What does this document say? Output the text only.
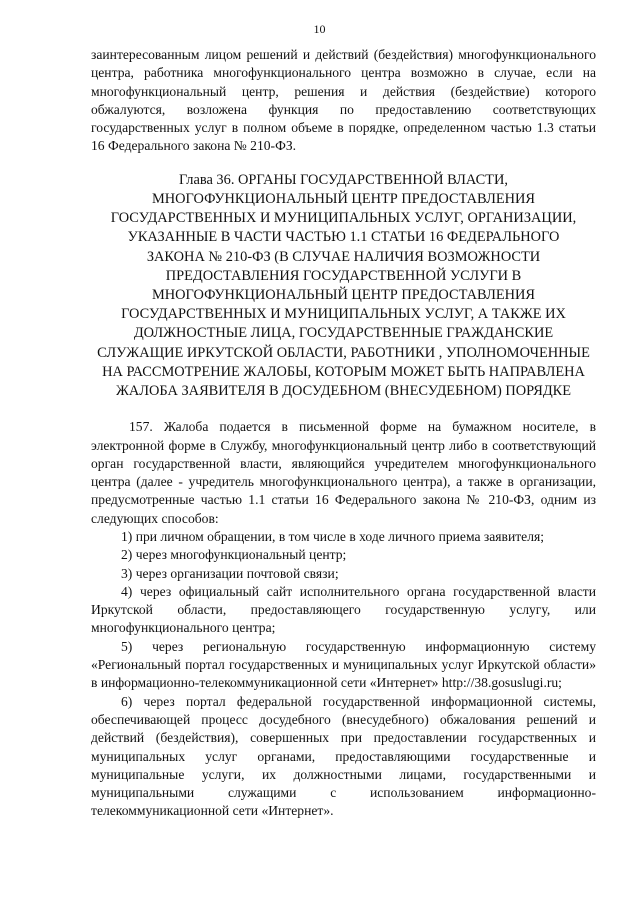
10

заинтересованным лицом решений и действий (бездействия) многофункционального центра, работника многофункционального центра возможно в случае, если на многофункциональный центр, решения и действия (бездействие) которого обжалуются, возложена функция по предоставлению соответствующих государственных услуг в полном объеме в порядке, определенном частью 1.3 статьи 16 Федерального закона № 210-ФЗ.

Глава 36. ОРГАНЫ ГОСУДАРСТВЕННОЙ ВЛАСТИ, МНОГОФУНКЦИОНАЛЬНЫЙ ЦЕНТР ПРЕДОСТАВЛЕНИЯ ГОСУДАРСТВЕННЫХ И МУНИЦИПАЛЬНЫХ УСЛУГ, ОРГАНИЗАЦИИ, УКАЗАННЫЕ В ЧАСТИ ЧАСТЬЮ 1.1 СТАТЬИ 16 ФЕДЕРАЛЬНОГО ЗАКОНА № 210-ФЗ (В СЛУЧАЕ НАЛИЧИЯ ВОЗМОЖНОСТИ ПРЕДОСТАВЛЕНИЯ ГОСУДАРСТВЕННОЙ УСЛУГИ В МНОГОФУНКЦИОНАЛЬНЫЙ ЦЕНТР ПРЕДОСТАВЛЕНИЯ ГОСУДАРСТВЕННЫХ И МУНИЦИПАЛЬНЫХ УСЛУГ, А ТАКЖЕ ИХ ДОЛЖНОСТНЫЕ ЛИЦА, ГОСУДАРСТВЕННЫЕ ГРАЖДАНСКИЕ СЛУЖАЩИЕ ИРКУТСКОЙ ОБЛАСТИ, РАБОТНИКИ , УПОЛНОМОЧЕННЫЕ НА РАССМОТРЕНИЕ ЖАЛОБЫ, КОТОРЫМ МОЖЕТ БЫТЬ НАПРАВЛЕНА ЖАЛОБА ЗАЯВИТЕЛЯ В ДОСУДЕБНОМ (ВНЕСУДЕБНОМ) ПОРЯДКЕ

157. Жалоба подается в письменной форме на бумажном носителе, в электронной форме в Службу, многофункциональный центр либо в соответствующий орган государственной власти, являющийся учредителем многофункционального центра (далее - учредитель многофункционального центра), а также в организации, предусмотренные частью 1.1 статьи 16 Федерального закона № 210-ФЗ, одним из следующих способов:

1) при личном обращении, в том числе в ходе личного приема заявителя;

2) через многофункциональный центр;

3) через организации почтовой связи;

4) через официальный сайт исполнительного органа государственной власти Иркутской области, предоставляющего государственную услугу, или многофункционального центра;

5) через региональную государственную информационную систему «Региональный портал государственных и муниципальных услуг Иркутской области» в информационно-телекоммуникационной сети «Интернет» http://38.gosuslugi.ru;

6) через портал федеральной государственной информационной системы, обеспечивающей процесс досудебного (внесудебного) обжалования решений и действий (бездействия), совершенных при предоставлении государственных и муниципальных услуг органами, предоставляющими государственные и муниципальные услуги, их должностными лицами, государственными и муниципальными служащими с использованием информационно-телекоммуникационной сети «Интернет».
